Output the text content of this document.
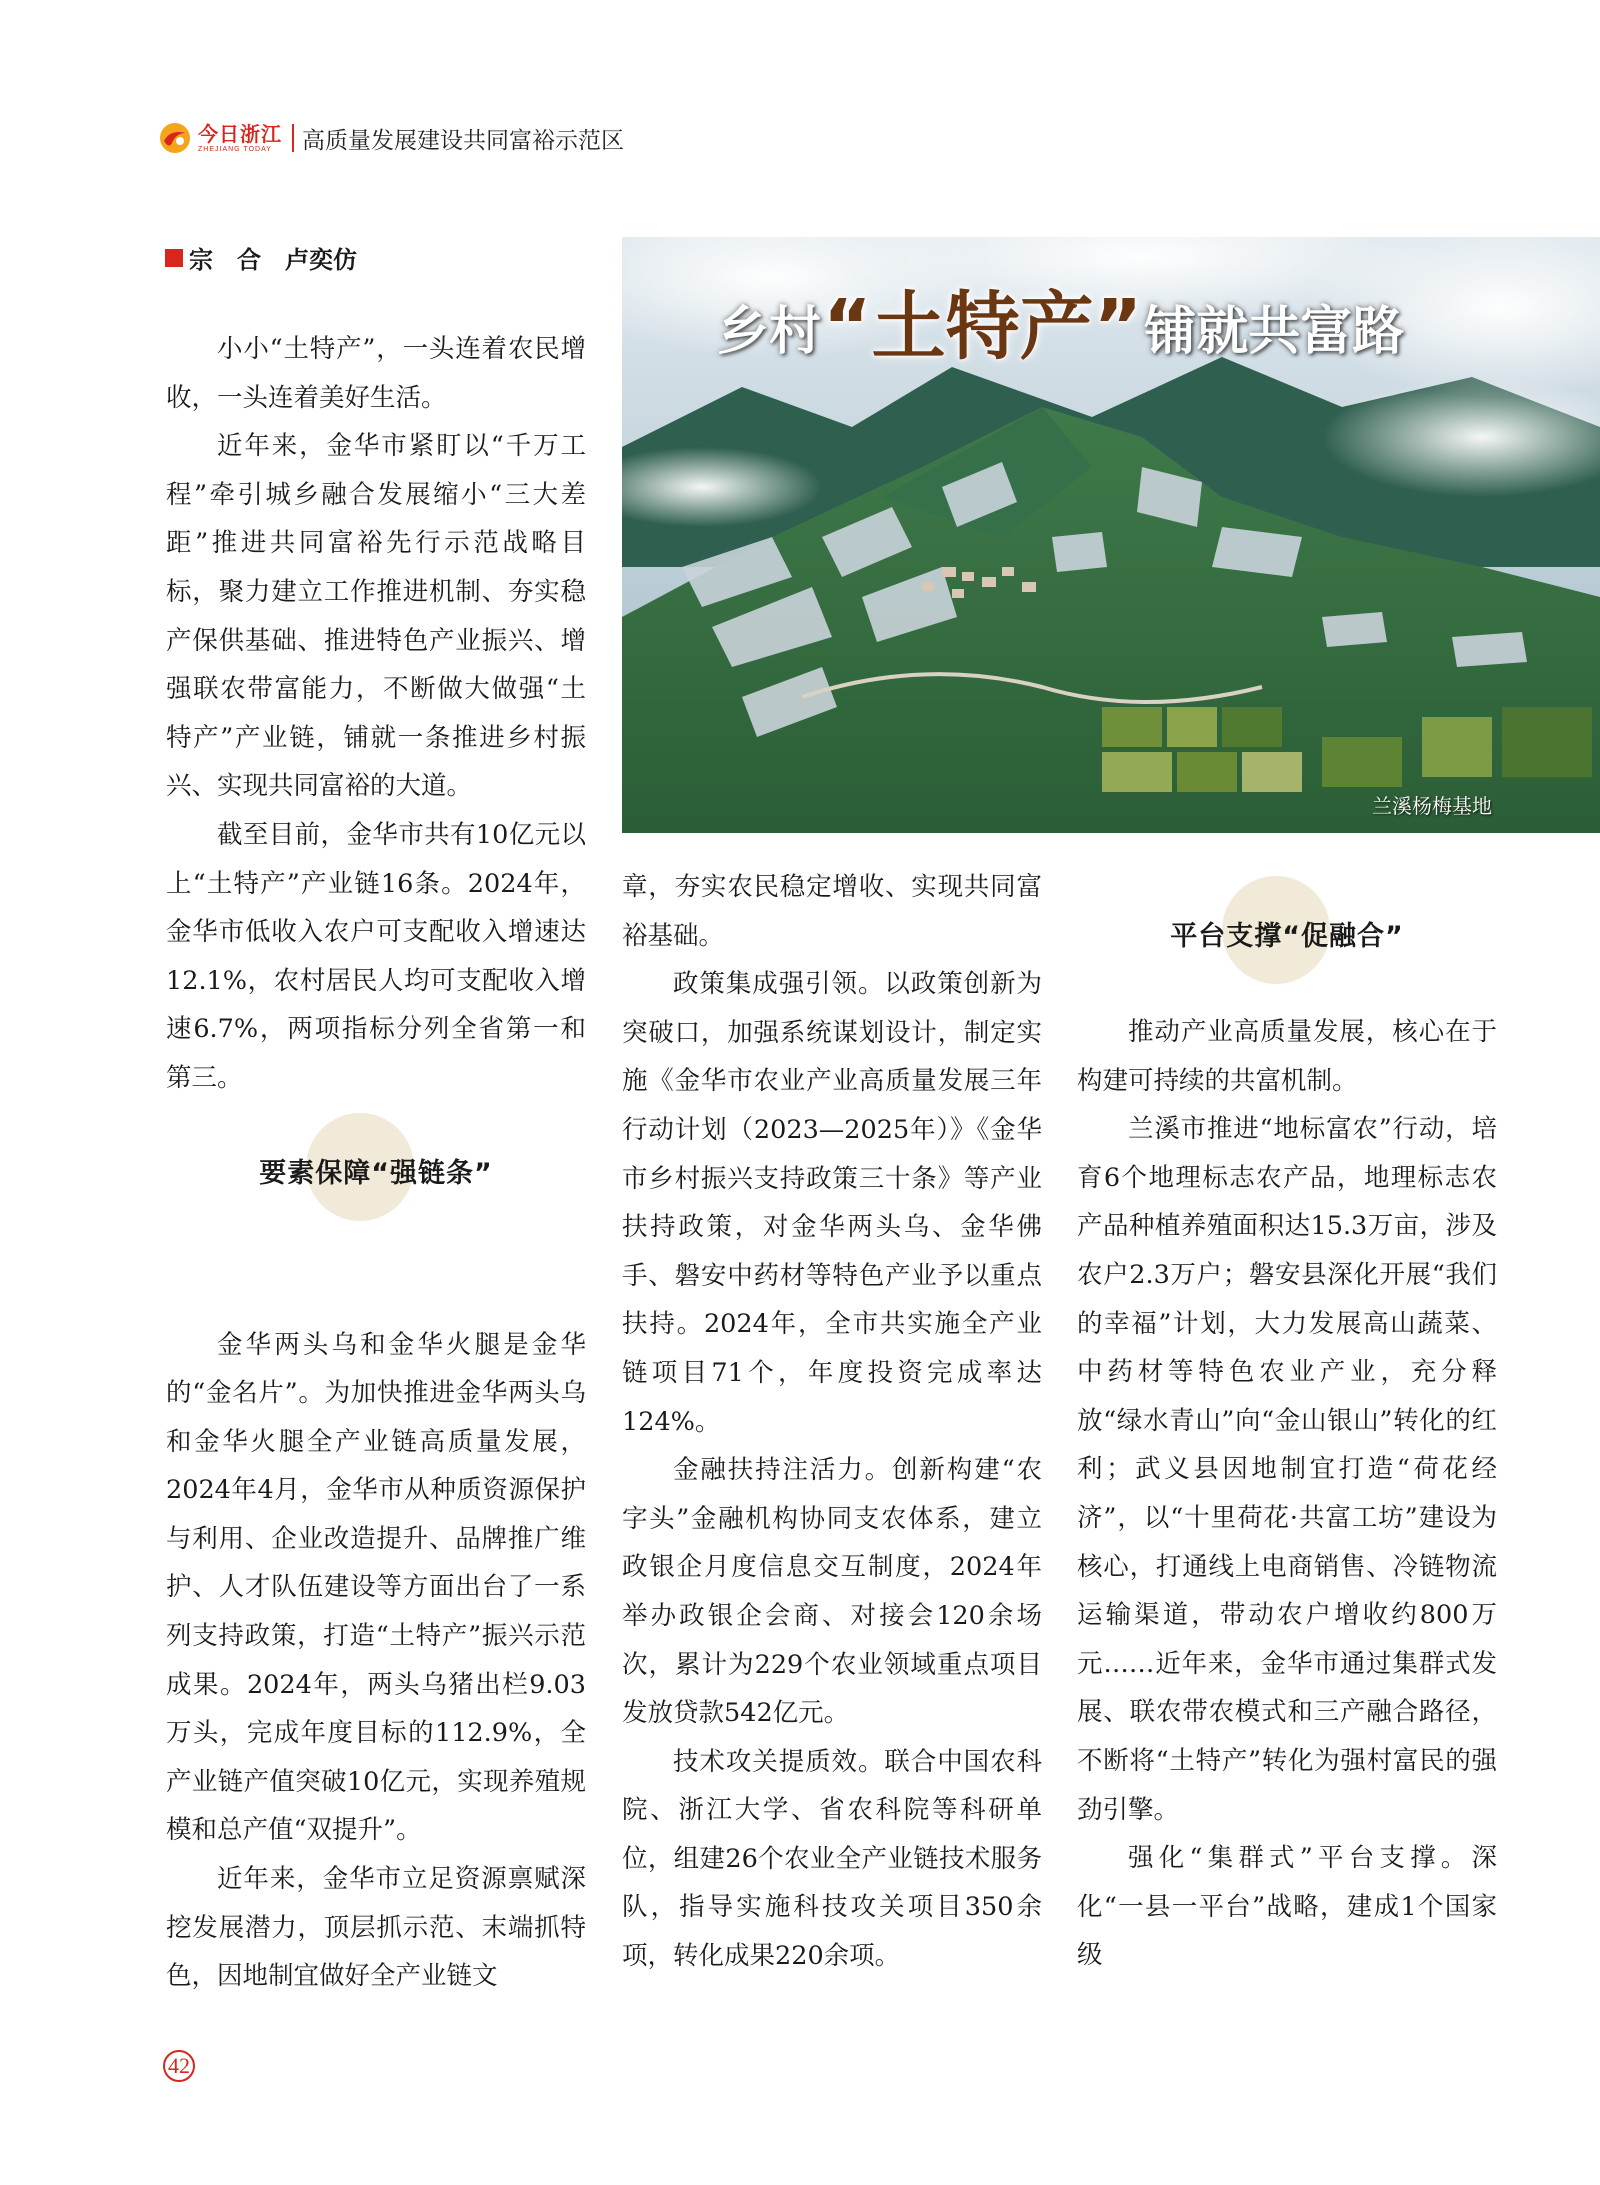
今日浙江
ZHEJIANG TODAY	高质量发展建设共同富裕示范区
宗　合　卢奕仿

小小“土特产”，一头连着农民增收，一头连着美好生活。

近年来，金华市紧盯以“千万工程”牵引城乡融合发展缩小“三大差距”推进共同富裕先行示范战略目标，聚力建立工作推进机制、夯实稳产保供基础、推进特色产业振兴、增强联农带富能力，不断做大做强“土特产”产业链，铺就一条推进乡村振兴、实现共同富裕的大道。

截至目前，金华市共有10亿元以上“土特产”产业链16条。2024年，金华市低收入农户可支配收入增速达12.1%，农村居民人均可支配收入增速6.7%，两项指标分列全省第一和第三。

金华两头乌和金华火腿是金华的“金名片”。为加快推进金华两头乌和金华火腿全产业链高质量发展，2024年4月，金华市从种质资源保护与利用、企业改造提升、品牌推广维护、人才队伍建设等方面出台了一系列支持政策，打造“土特产”振兴示范成果。2024年，两头乌猪出栏9.03万头，完成年度目标的112.9%，全产业链产值突破10亿元，实现养殖规模和总产值“双提升”。

近年来，金华市立足资源禀赋深挖发展潜力，顶层抓示范、末端抓特色，因地制宜做好全产业链文

要素保障“强链条”
乡村 “土特产” 铺就共富路
兰溪杨梅基地

章，夯实农民稳定增收、实现共同富裕基础。

政策集成强引领。以政策创新为突破口，加强系统谋划设计，制定实施《金华市农业产业高质量发展三年行动计划（2023—2025年）》《金华市乡村振兴支持政策三十条》等产业扶持政策，对金华两头乌、金华佛手、磐安中药材等特色产业予以重点扶持。2024年，全市共实施全产业链项目71个，年度投资完成率达124%。

金融扶持注活力。创新构建“农字头”金融机构协同支农体系，建立政银企月度信息交互制度，2024年举办政银企会商、对接会120余场次，累计为229个农业领域重点项目发放贷款542亿元。

技术攻关提质效。联合中国农科院、浙江大学、省农科院等科研单位，组建26个农业全产业链技术服务队，指导实施科技攻关项目350余项，转化成果220余项。

平台支撑“促融合”

推动产业高质量发展，核心在于构建可持续的共富机制。

兰溪市推进“地标富农”行动，培育6个地理标志农产品，地理标志农产品种植养殖面积达15.3万亩，涉及农户2.3万户；磐安县深化开展“我们的幸福”计划，大力发展高山蔬菜、中药材等特色农业产业，充分释放“绿水青山”向“金山银山”转化的红利；武义县因地制宜打造“荷花经济”，以“十里荷花·共富工坊”建设为核心，打通线上电商销售、冷链物流运输渠道，带动农户增收约800万元……近年来，金华市通过集群式发展、联农带农模式和三产融合路径，不断将“土特产”转化为强村富民的强劲引擎。

强化“集群式”平台支撑。深化“一县一平台”战略，建成1个国家级

42
